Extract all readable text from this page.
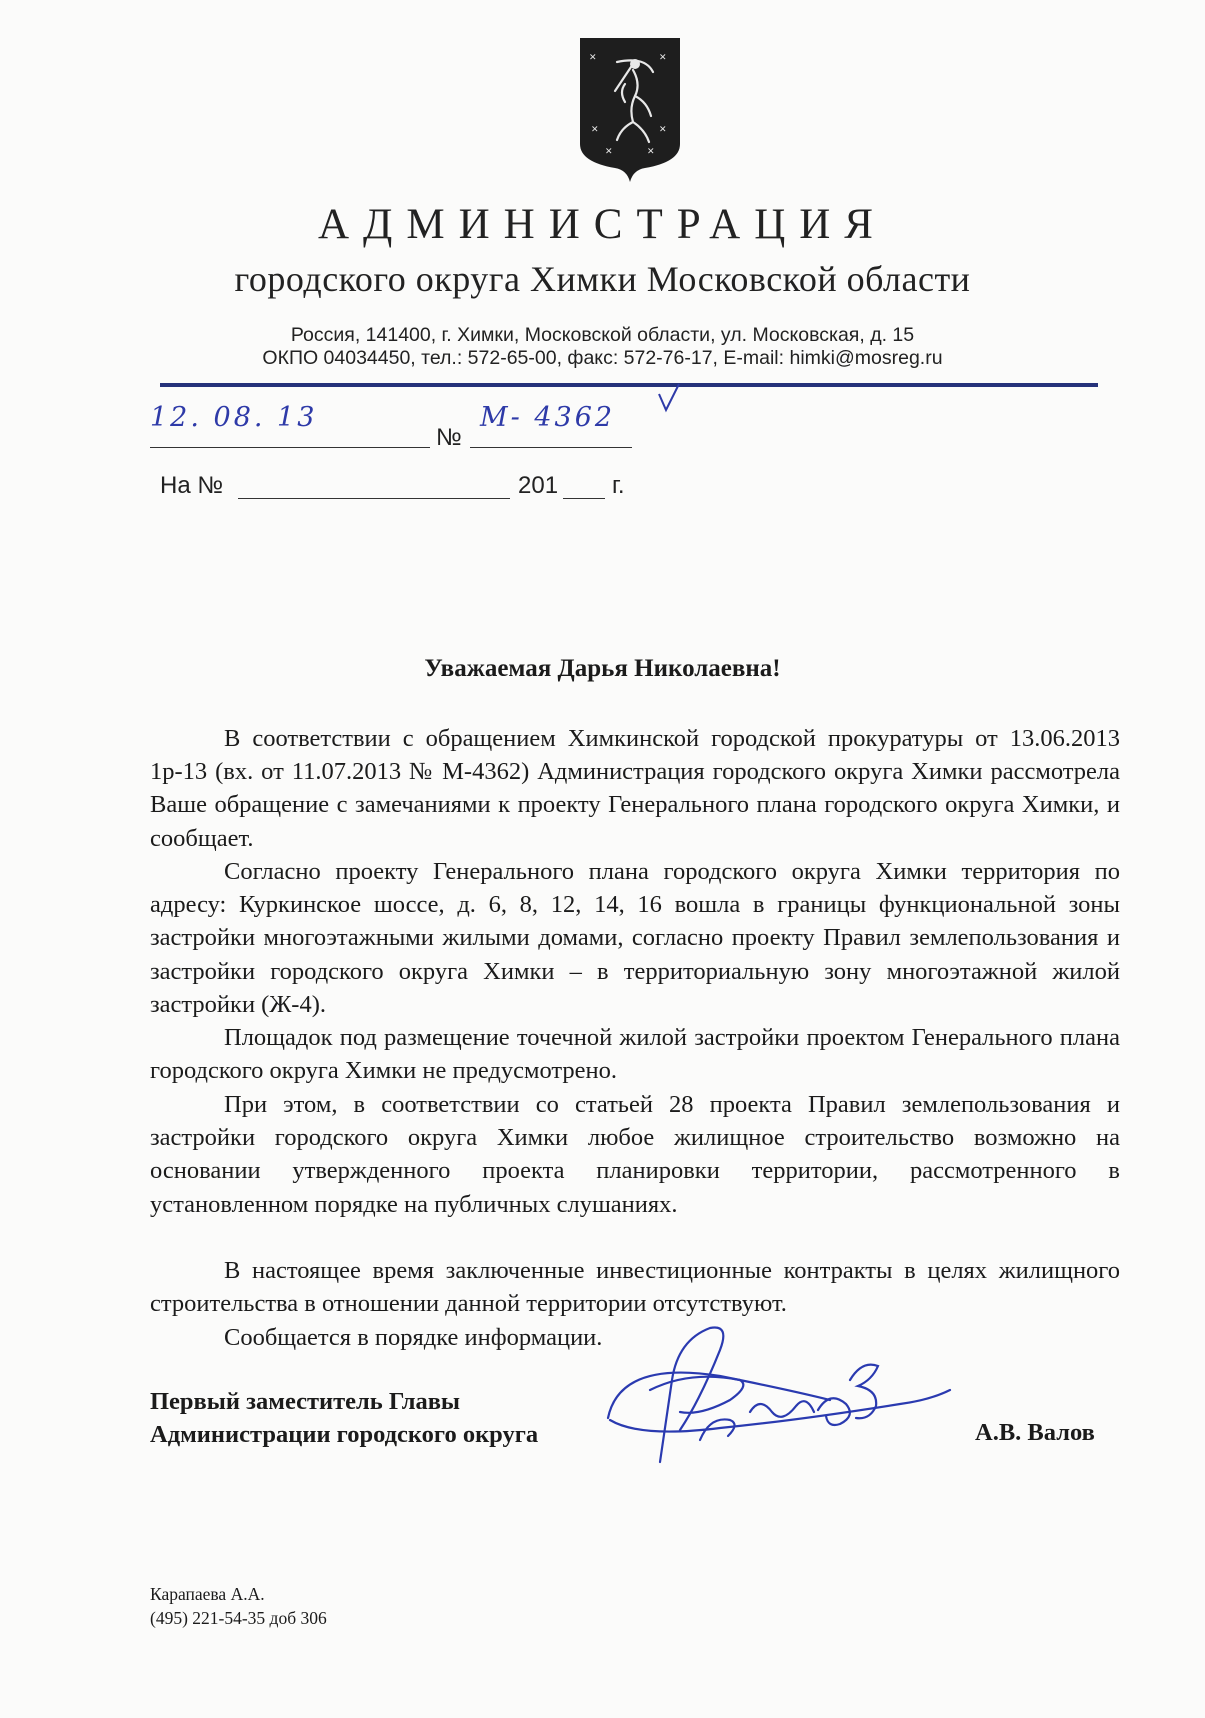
✕	✕
✕	✕
✕	✕
АДМИНИСТРАЦИЯ
городского округа Химки Московской области
Россия, 141400, г. Химки, Московской области, ул. Московская, д. 15
ОКПО 04034450, тел.: 572-65-00, факс: 572-76-17, E-mail: himki@mosreg.ru
12. 08. 13
№
М- 4362
На №	201 г.
Уважаемая Дарья Николаевна!

В соответствии с обращением Химкинской городской прокуратуры от 13.06.2013 1р-13 (вх. от 11.07.2013 № М-4362) Администрация городского округа Химки рассмотрела Ваше обращение с замечаниями к проекту Генерального плана городского округа Химки, и сообщает.

Согласно проекту Генерального плана городского округа Химки территория по адресу: Куркинское шоссе, д. 6, 8, 12, 14, 16 вошла в границы функциональной зоны застройки многоэтажными жилыми домами, согласно проекту Правил землепользования и застройки городского округа Химки – в территориальную зону многоэтажной жилой застройки (Ж-4).

Площадок под размещение точечной жилой застройки проектом Генерального плана городского округа Химки не предусмотрено.

При этом, в соответствии со статьей 28 проекта Правил землепользования и застройки городского округа Химки любое жилищное строительство возможно на основании утвержденного проекта планировки территории, рассмотренного в установленном порядке на публичных слушаниях.

В настоящее время заключенные инвестиционные контракты в целях жилищного строительства в отношении данной территории отсутствуют.

Сообщается в порядке информации.

Первый заместитель Главы
Администрации городского округа	А.В. Валов
Карапаева А.А.
(495) 221-54-35 доб 306
